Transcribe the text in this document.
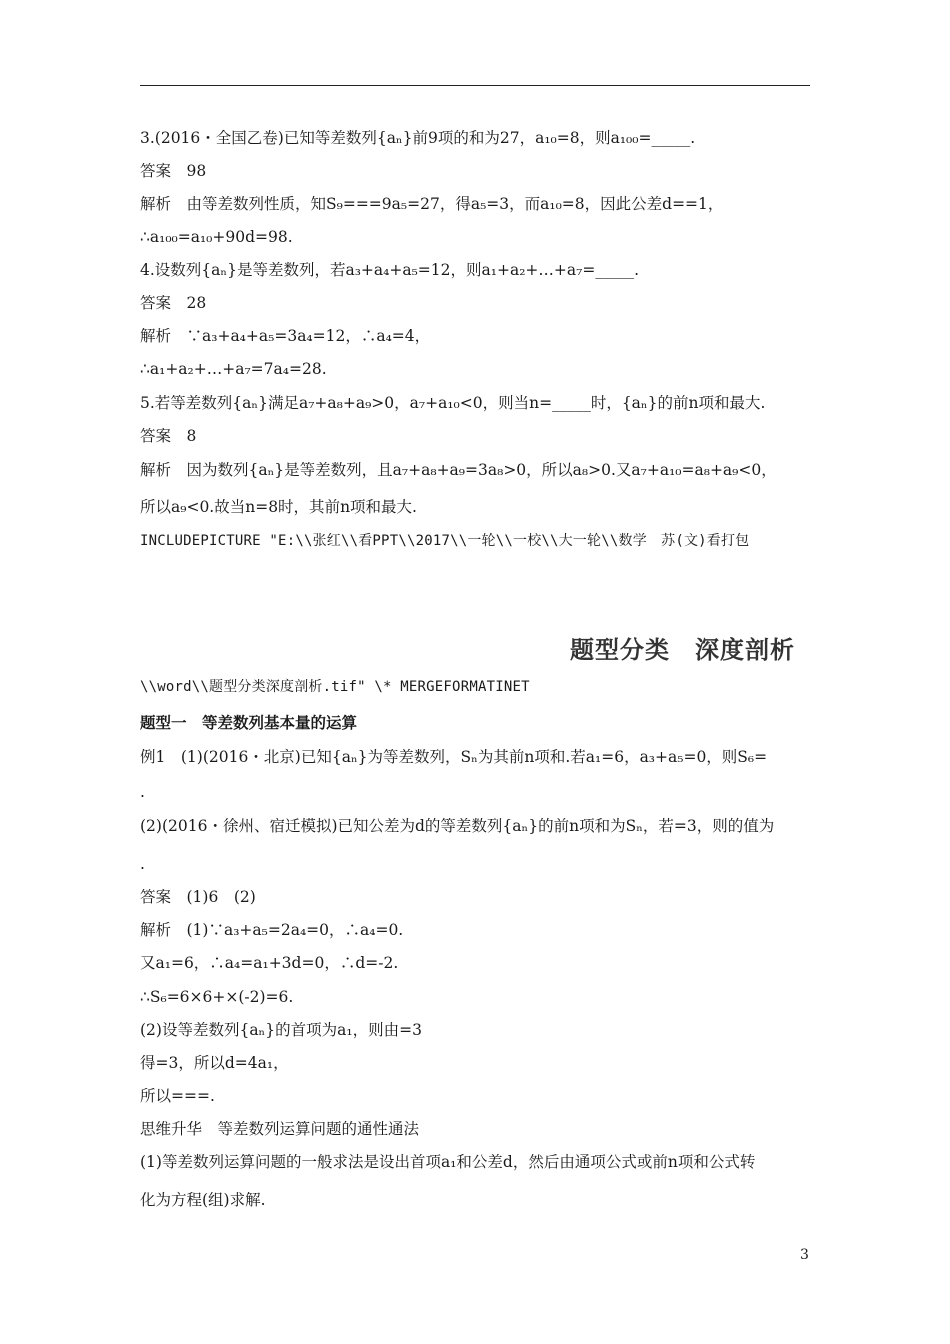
3.(2016・全国乙卷)已知等差数列{aₙ}前9项的和为27，a₁₀=8，则a₁₀₀=_____.
答案　98
解析　由等差数列性质，知S₉===9a₅=27，得a₅=3，而a₁₀=8，因此公差d==1，
∴a₁₀₀=a₁₀+90d=98.
4.设数列{aₙ}是等差数列，若a₃+a₄+a₅=12，则a₁+a₂+…+a₇=_____.
答案　28
解析　∵a₃+a₄+a₅=3a₄=12，∴a₄=4，
∴a₁+a₂+…+a₇=7a₄=28.
5.若等差数列{aₙ}满足a₇+a₈+a₉>0，a₇+a₁₀<0，则当n=_____时，{aₙ}的前n项和最大.
答案　8
解析　因为数列{aₙ}是等差数列，且a₇+a₈+a₉=3a₈>0，所以a₈>0.又a₇+a₁₀=a₈+a₉<0，
所以a₉<0.故当n=8时，其前n项和最大.
INCLUDEPICTURE "E:\\张红\\看PPT\\2017\\一轮\\一校\\大一轮\\数学　苏(文)看打包
题型分类　深度剖析
\\word\\题型分类深度剖析.tif" \* MERGEFORMATINET
题型一　等差数列基本量的运算
例1　(1)(2016・北京)已知{aₙ}为等差数列，Sₙ为其前n项和.若a₁=6，a₃+a₅=0，则S₆=
.
(2)(2016・徐州、宿迁模拟)已知公差为d的等差数列{aₙ}的前n项和为Sₙ，若=3，则的值为
.
答案　(1)6　(2)
解析　(1)∵a₃+a₅=2a₄=0，∴a₄=0.
又a₁=6，∴a₄=a₁+3d=0，∴d=-2.
∴S₆=6×6+×(-2)=6.
(2)设等差数列{aₙ}的首项为a₁，则由=3
得=3，所以d=4a₁，
所以===.
思维升华　等差数列运算问题的通性通法
(1)等差数列运算问题的一般求法是设出首项a₁和公差d，然后由通项公式或前n项和公式转
化为方程(组)求解.
3
